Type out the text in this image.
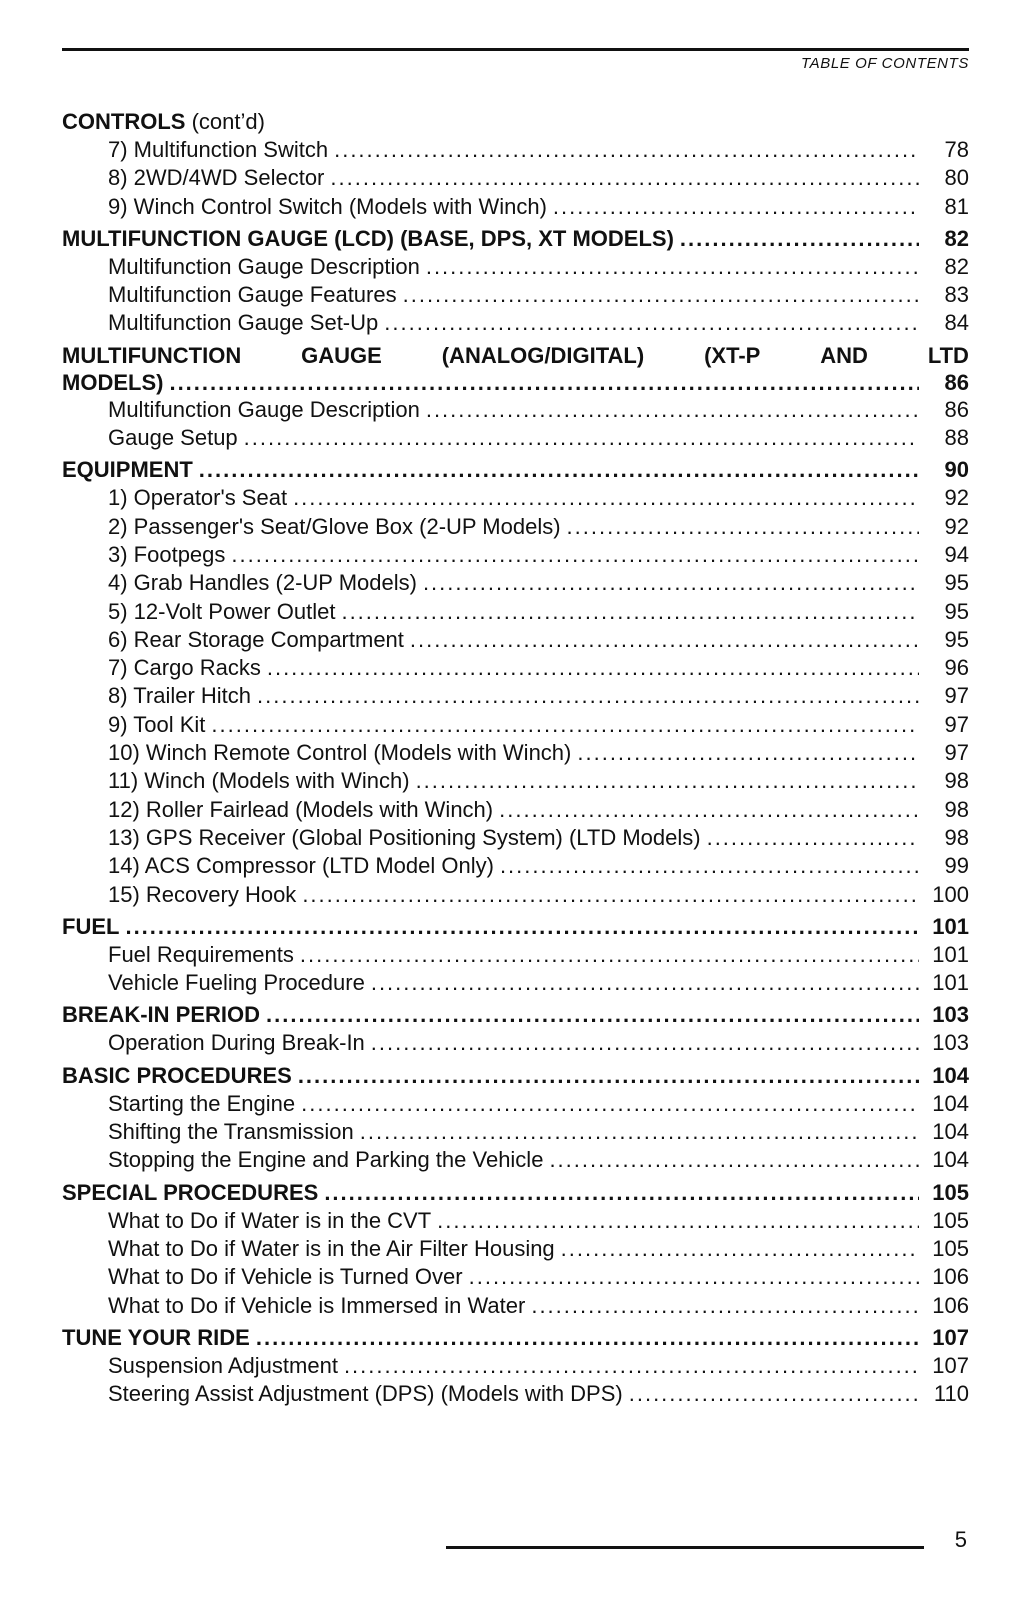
TABLE OF CONTENTS
CONTROLS (cont’d)
7) Multifunction Switch .....	78
8) 2WD/4WD Selector .....	80
9) Winch Control Switch (Models with Winch) .....	81
MULTIFUNCTION GAUGE (LCD) (BASE, DPS, XT MODELS) .....	82
Multifunction Gauge Description .....	82
Multifunction Gauge Features .....	83
Multifunction Gauge Set-Up .....	84
MULTIFUNCTION	GAUGE	(ANALOG/DIGITAL)	(XT-P	AND	LTD
MODELS) .....	86
Multifunction Gauge Description .....	86
Gauge Setup .....	88
EQUIPMENT .....	90
1) Operator's Seat .....	92
2) Passenger's Seat/Glove Box (2-UP Models) .....	92
3) Footpegs .....	94
4) Grab Handles (2-UP Models) .....	95
5) 12-Volt Power Outlet .....	95
6) Rear Storage Compartment .....	95
7) Cargo Racks .....	96
8) Trailer Hitch .....	97
9) Tool Kit .....	97
10) Winch Remote Control (Models with Winch) .....	97
11) Winch (Models with Winch) .....	98
12) Roller Fairlead (Models with Winch) .....	98
13) GPS Receiver (Global Positioning System) (LTD Models) .....	98
14) ACS Compressor (LTD Model Only) .....	99
15) Recovery Hook .....	100
FUEL .....	101
Fuel Requirements .....	101
Vehicle Fueling Procedure .....	101
BREAK-IN PERIOD .....	103
Operation During Break-In .....	103
BASIC PROCEDURES .....	104
Starting the Engine .....	104
Shifting the Transmission .....	104
Stopping the Engine and Parking the Vehicle .....	104
SPECIAL PROCEDURES .....	105
What to Do if Water is in the CVT .....	105
What to Do if Water is in the Air Filter Housing .....	105
What to Do if Vehicle is Turned Over .....	106
What to Do if Vehicle is Immersed in Water .....	106
TUNE YOUR RIDE .....	107
Suspension Adjustment .....	107
Steering Assist Adjustment (DPS) (Models with DPS) .....	110
5
